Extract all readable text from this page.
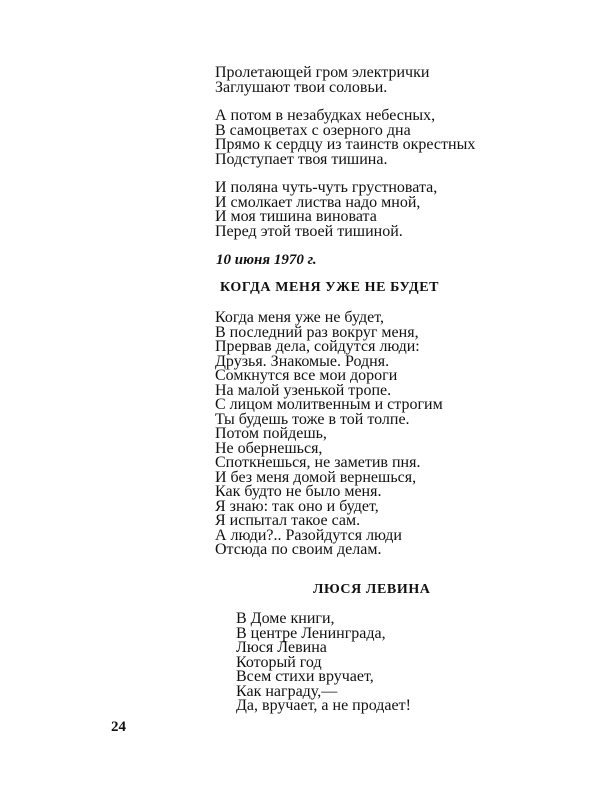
Пролетающей гром электрички
Заглушают твои соловьи.
А потом в незабудках небесных,
В самоцветах с озерного дна
Прямо к сердцу из таинств окрестных
Подступает твоя тишина.
И поляна чуть-чуть грустновата,
И смолкает листва надо мной,
И моя тишина виновата
Перед этой твоей тишиной.
10 июня 1970 г.
КОГДА МЕНЯ УЖЕ НЕ БУДЕТ
Когда меня уже не будет,
В последний раз вокруг меня,
Прервав дела, сойдутся люди:
Друзья. Знакомые. Родня.
Сомкнутся все мои дороги
На малой узенькой тропе.
С лицом молитвенным и строгим
Ты будешь тоже в той толпе.
Потом пойдешь,
Не обернешься,
Споткнешься, не заметив пня.
И без меня домой вернешься,
Как будто не было меня.
Я знаю: так оно и будет,
Я испытал такое сам.
А люди?.. Разойдутся люди
Отсюда по своим делам.
ЛЮСЯ ЛЕВИНА
В Доме книги,
В центре Ленинграда,
Люся Левина
Который год
Всем стихи вручает,
Как награду,—
Да, вручает, а не продает!
24
